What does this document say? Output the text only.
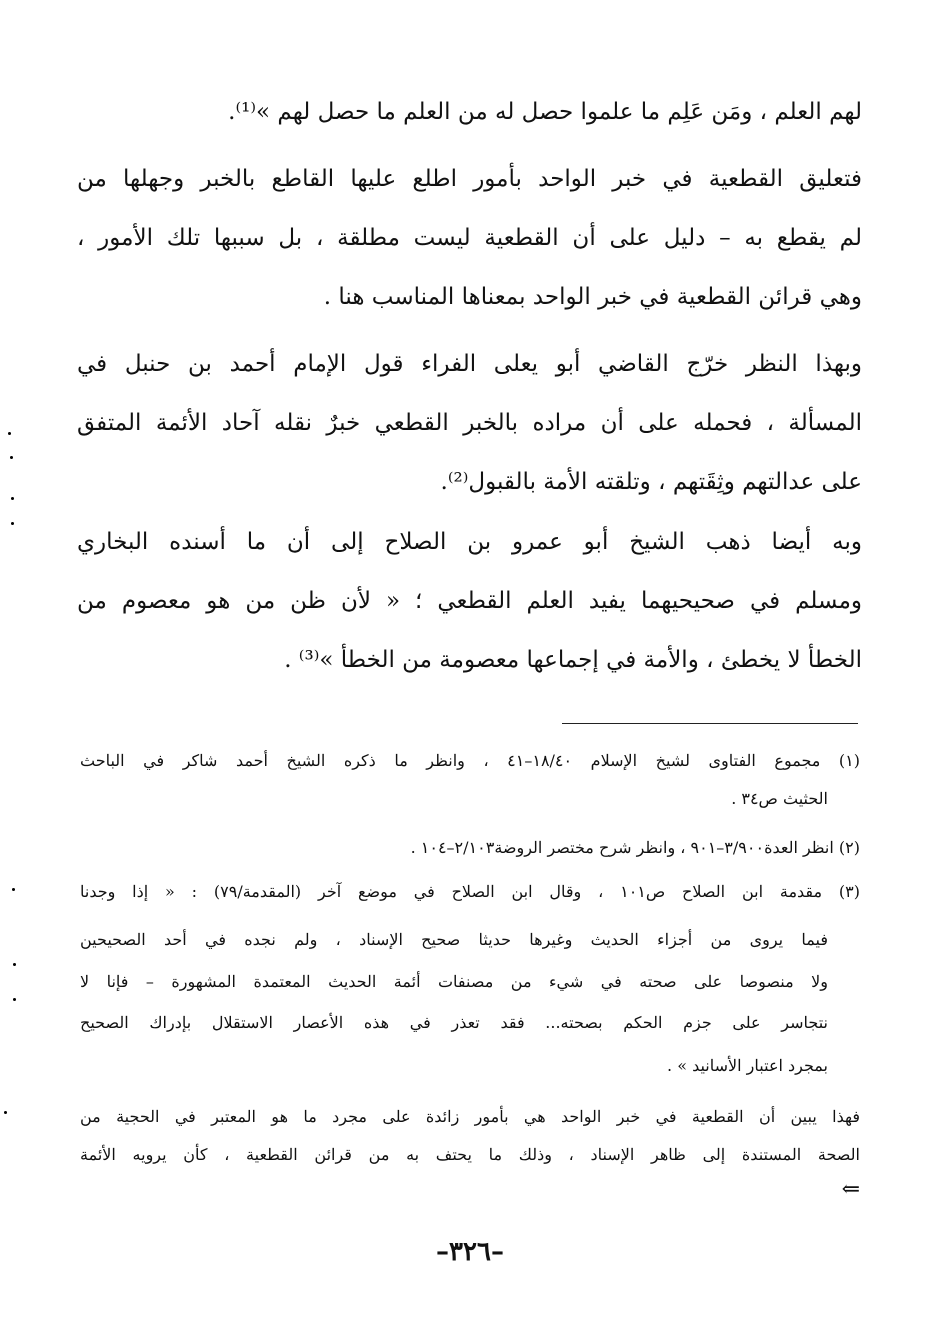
لهم العلم ، ومَن عَلِم ما علموا حصل له من العلم ما حصل لهم »⁽¹⁾.
فتعليق القطعية في خبر الواحد بأمور اطلع عليها القاطع بالخبر وجهلها من
لم يقطع به – دليل على أن القطعية ليست مطلقة ، بل سببها تلك الأمور ،
وهي قرائن القطعية في خبر الواحد بمعناها المناسب هنا .
وبهذا النظر خرّج القاضي أبو يعلى الفراء قول الإمام أحمد بن حنبل في
المسألة ، فحمله على أن مراده بالخبر القطعي خبرٌ نقله آحاد الأئمة المتفق
على عدالتهم وثِقَتهم ، وتلقته الأمة بالقبول⁽²⁾.
وبه أيضا ذهب الشيخ أبو عمرو بن الصلاح إلى أن ما أسنده البخاري
ومسلم في صحيحيهما يفيد العلم القطعي ؛ « لأن ظن من هو معصوم من
الخطأ لا يخطئ ، والأمة في إجماعها معصومة من الخطأ »⁽³⁾ .
(١) مجموع الفتاوى لشيخ الإسلام ١٨/٤٠–٤١ ، وانظر ما ذكره الشيخ أحمد شاكر في الباحث
الحثيث ص٣٤ .
(٢) انظر العدة٣/٩٠٠–٩٠١ ، وانظر شرح مختصر الروضة٢/١٠٣–١٠٤ .
(٣) مقدمة ابن الصلاح ص١٠١ ، وقال ابن الصلاح في موضع آخر (المقدمة/٧٩) : « إذا وجدنا
فيما يروى من أجزاء الحديث وغيرها حديثا صحيح الإسناد ، ولم نجده في أحد الصحيحين
ولا منصوصا على صحته في شيء من مصنفات أئمة الحديث المعتمدة المشهورة – فإنا لا
نتجاسر على جزم الحكم بصحته... فقد تعذر في هذه الأعصار الاستقلال بإدراك الصحيح
بمجرد اعتبار الأسانيد » .
فهذا يبين أن القطعية في خبر الواحد هي بأمور زائدة على مجرد ما هو المعتبر في الحجية من
الصحة المستندة إلى ظاهر الإسناد ، وذلك ما يحتف به من قرائن القطعية ، كأن يرويه الأئمة
⇐
–٣٢٦–
